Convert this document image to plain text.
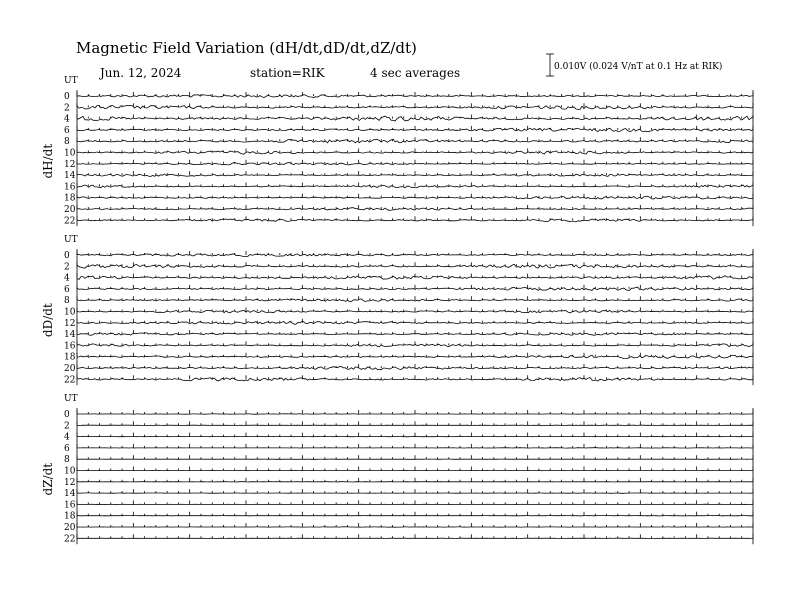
Magnetic Field Variation (dH/dt,dD/dt,dZ/dt)
Jun. 12, 2024	station=RIK	4 sec averages	0.010V (0.024 V/nT at 0.1 Hz at RIK)
UT
dH/dt
0
2
4
6
8
10
12
14
16
18
20
22
UT
dD/dt
0
2
4
6
8
10
12
14
16
18
20
22
UT
dZ/dt
0
2
4
6
8
10
12
14
16
18
20
22
